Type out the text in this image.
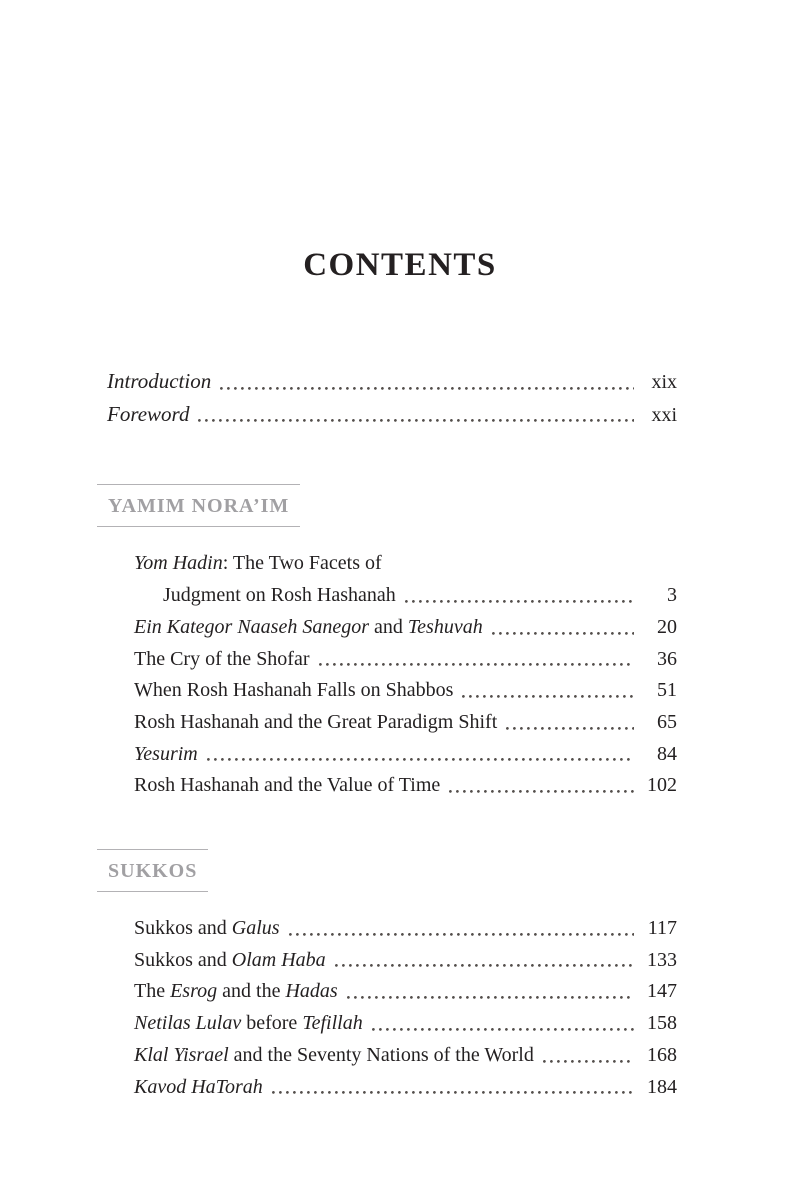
CONTENTS
Introduction	xix
Foreword	xxi
YAMIM NORA’IM
Yom Hadin: The Two Facets of
Judgment on Rosh Hashanah	3
Ein Kategor Naaseh Sanegor and Teshuvah	20
The Cry of the Shofar	36
When Rosh Hashanah Falls on Shabbos	51
Rosh Hashanah and the Great Paradigm Shift	65
Yesurim	84
Rosh Hashanah and the Value of Time	102
SUKKOS
Sukkos and Galus	117
Sukkos and Olam Haba	133
The Esrog and the Hadas	147
Netilas Lulav before Tefillah	158
Klal Yisrael and the Seventy Nations of the World	168
Kavod HaTorah	184
